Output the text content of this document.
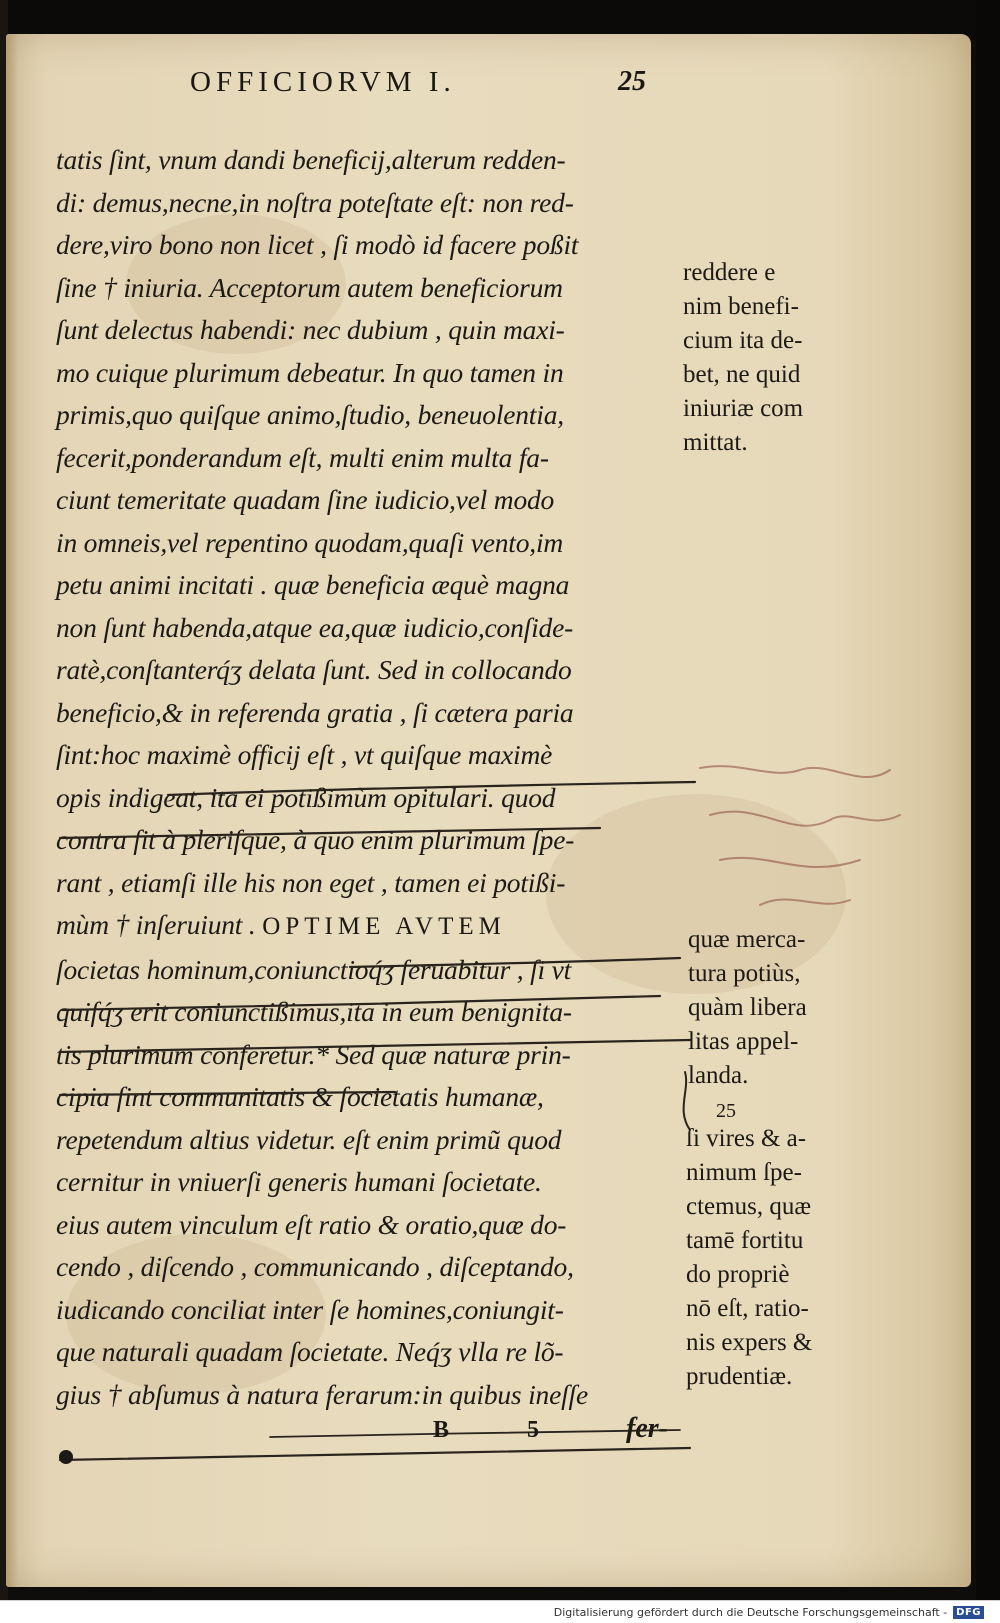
OFFICIORVM I.	25
tatis ſint, vnum dandi beneficij,alterum redden-
di: demus,necne,in noſtra poteſtate eſt: non red-
dere,viro bono non licet , ſi modò id facere poßit
ſine † iniuria. Acceptorum autem beneficiorum
ſunt delectus habendi: nec dubium , quin maxi-
mo cuique plurimum debeatur. In quo tamen in
primis,quo quiſque animo,ſtudio, beneuolentia,
fecerit,ponderandum eſt, multi enim multa fa-
ciunt temeritate quadam ſine iudicio,vel modo
in omneis,vel repentino quodam,quaſi vento,im
petu animi incitati . quæ beneficia æquè magna
non ſunt habenda,atque ea,quæ iudicio,conſide-
ratè,conſtanterq́ʒ delata ſunt. Sed in collocando
beneficio,& in referenda gratia , ſi cætera paria
ſint:hoc maximè officij eſt , vt quiſque maximè
opis indigeat, ita ei potißimùm opitulari. quod
contra fit à pleriſque, à quo enim plurimum ſpe-
rant , etiamſi ille his non eget , tamen ei potißi-
mùm † inſeruiunt . OPTIME AVTEM
ſocietas hominum,coniunctioq́ʒ ſeruabitur , ſi vt
quiſq́ʒ erit coniunctißimus,ita in eum benignita-
tis plurimum conferetur.* Sed quæ naturæ prin-
cipia ſint communitatis & ſocietatis humanæ,
repetendum altius videtur. eſt enim primũ quod
cernitur in vniuerſi generis humani ſocietate.
eius autem vinculum eſt ratio & oratio,quæ do-
cendo , diſcendo , communicando , diſceptando,
iudicando conciliat inter ſe homines,coniungit-
que naturali quadam ſocietate. Neq́ʒ vlla re lõ-
gius † abſumus à natura ferarum:in quibus ineſſe
reddere e
nim benefi-
cium ita de-
bet, ne quid
iniuriæ com
mittat.
quæ merca-
tura potiùs,
quàm libera
litas appel-
landa.
25
ſi vires & a-
nimum ſpe-
ctemus, quæ
tamē fortitu
do propriè
nō eſt, ratio-
nis expers &
prudentiæ.
B 5 fer-
Digitalisierung gefördert durch die Deutsche Forschungsgemeinschaft - DFG
